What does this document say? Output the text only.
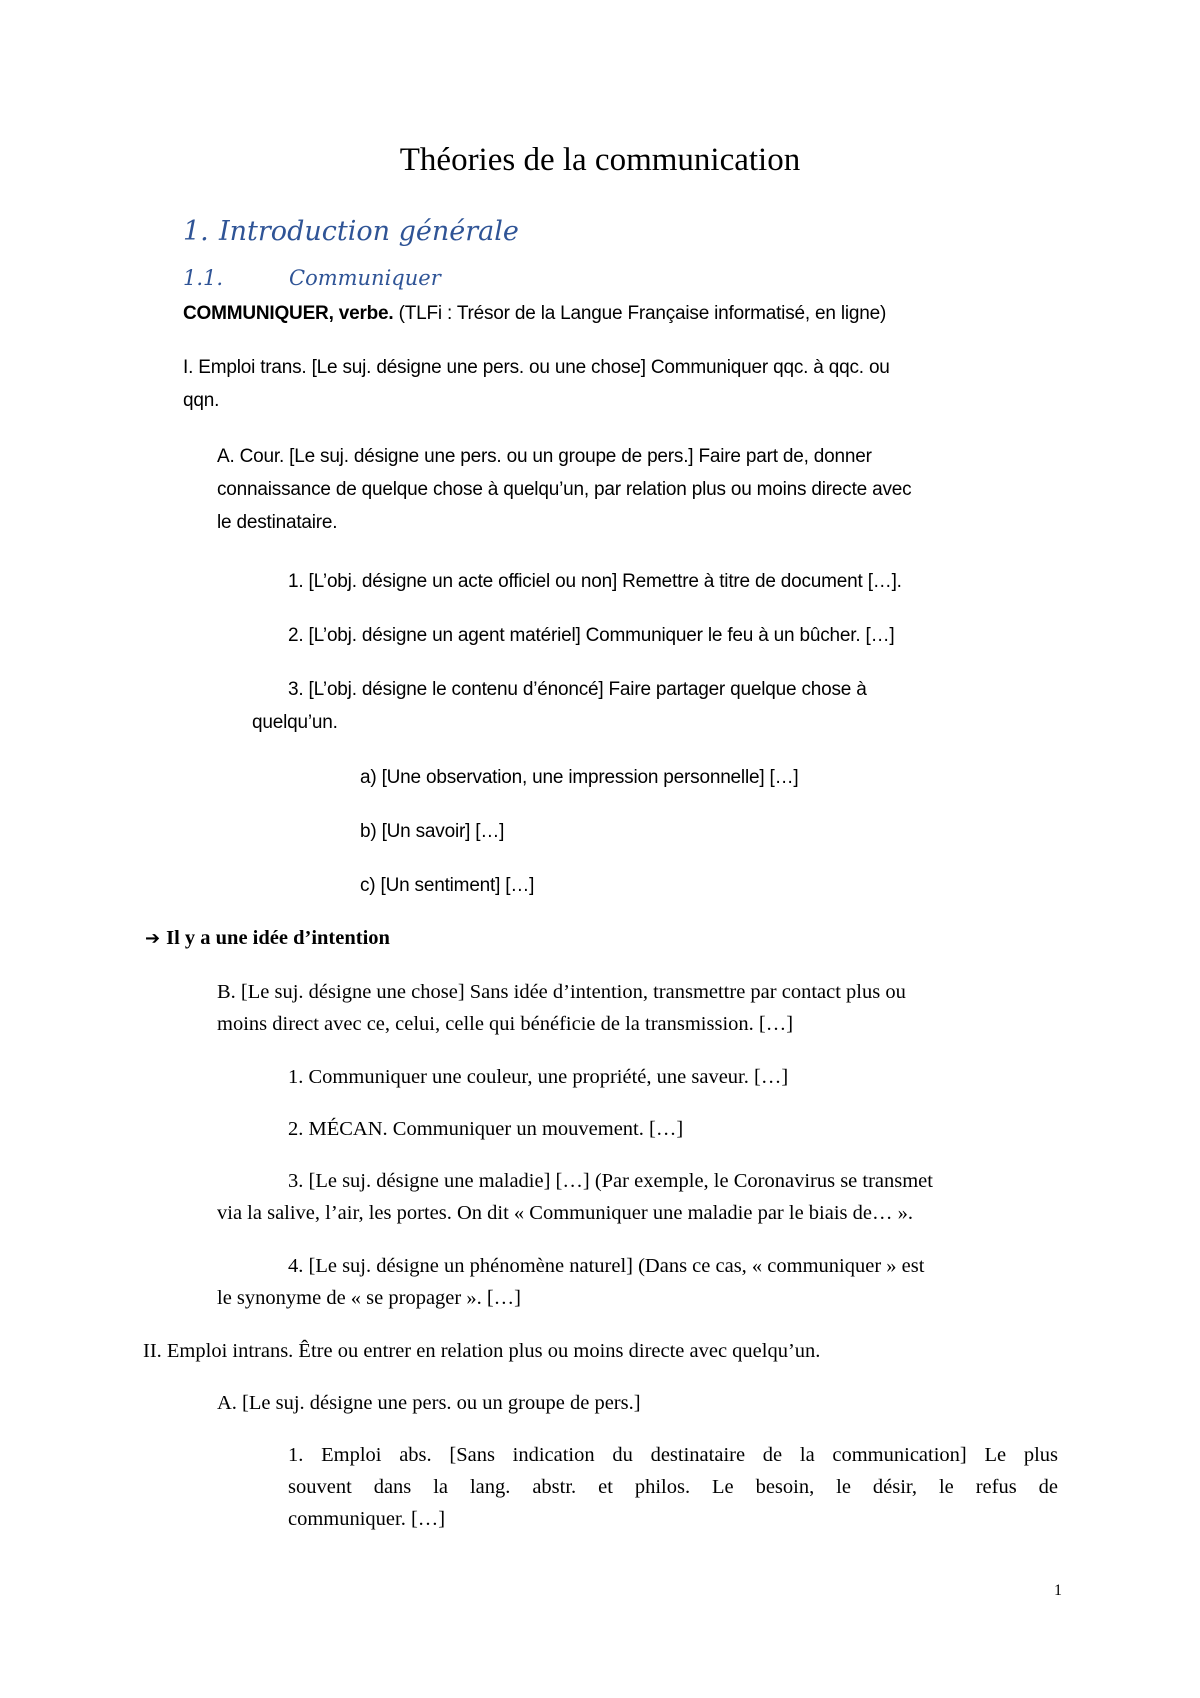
Théories de la communication
1. Introduction générale
1.1.	Communiquer

COMMUNIQUER, verbe. (TLFi : Trésor de la Langue Française informatisé, en ligne)

I. Emploi trans. [Le suj. désigne une pers. ou une chose] Communiquer qqc. à qqc. ou
qqn.
A. Cour. [Le suj. désigne une pers. ou un groupe de pers.] Faire part de, donner
connaissance de quelque chose à quelqu’un, par relation plus ou moins directe avec
le destinataire.
1. [L’obj. désigne un acte officiel ou non] Remettre à titre de document […].
2. [L’obj. désigne un agent matériel] Communiquer le feu à un bûcher. […]
3. [L’obj. désigne le contenu d’énoncé] Faire partager quelque chose à
quelqu’un.
a) [Une observation, une impression personnelle] […]
b) [Un savoir] […]
c) [Un sentiment] […]
➔ Il y a une idée d’intention
B. [Le suj. désigne une chose] Sans idée d’intention, transmettre par contact plus ou
moins direct avec ce, celui, celle qui bénéficie de la transmission. […]
1. Communiquer une couleur, une propriété, une saveur. […]
2. MÉCAN. Communiquer un mouvement. […]
3. [Le suj. désigne une maladie] […] (Par exemple, le Coronavirus se transmet
via la salive, l’air, les portes. On dit « Communiquer une maladie par le biais de… ».
4. [Le suj. désigne un phénomène naturel] (Dans ce cas, « communiquer » est
le synonyme de « se propager ». […]
II. Emploi intrans. Être ou entrer en relation plus ou moins directe avec quelqu’un.
A. [Le suj. désigne une pers. ou un groupe de pers.]
1. Emploi abs. [Sans indication du destinataire de la communication] Le plus
souvent dans la lang. abstr. et philos. Le besoin, le désir, le refus de
communiquer. […]
1
